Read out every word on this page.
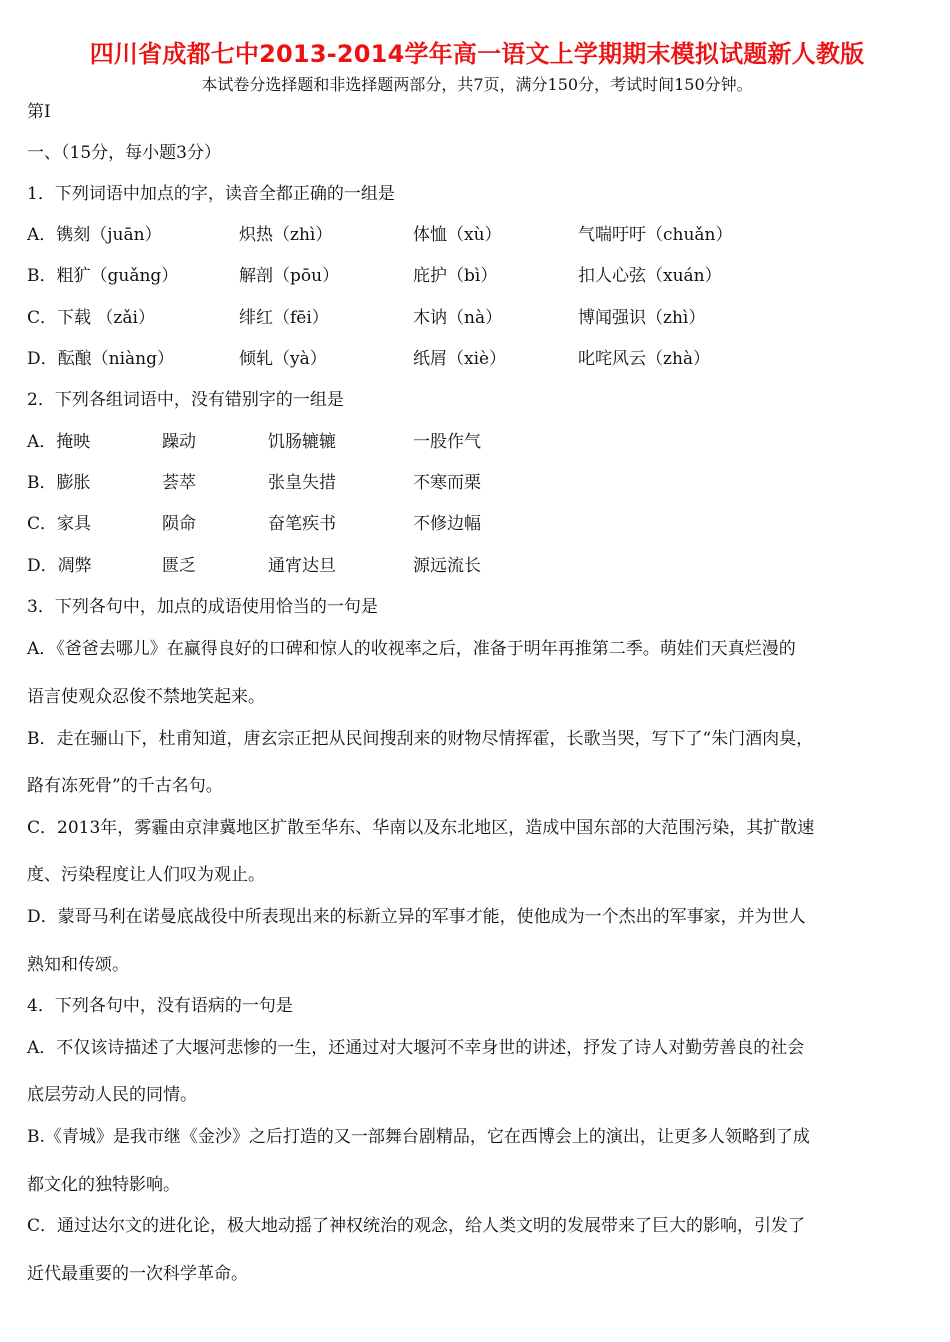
四川省成都七中2013-2014学年高一语文上学期期末模拟试题新人教版
本试卷分选择题和非选择题两部分，共7页，满分150分，考试时间150分钟。
第Ⅰ
一、（15分，每小题3分）
1．下列词语中加点的字，读音全都正确的一组是
A．镌刻（juān）	炽热（zhì）	体恤（xù）	气喘吁吁（chuǎn）
B．粗犷（guǎng）	解剖（pōu）	庇护（bì）	扣人心弦（xuán）
C．下载 （zǎi）	绯红（fēi）	木讷（nà）	博闻强识（zhì）
D．酝酿（niàng）	倾轧（yà）	纸屑（xiè）	叱咤风云（zhà）
2．下列各组词语中，没有错别字的一组是
A．掩映	躁动	饥肠辘辘	一股作气
B．膨胀	荟萃	张皇失措	不寒而栗
C．家具	陨命	奋笔疾书	不修边幅
D．凋弊	匮乏	通宵达旦	源远流长
3．下列各句中，加点的成语使用恰当的一句是
A．《爸爸去哪儿》在赢得良好的口碑和惊人的收视率之后，准备于明年再推第二季。萌娃们天真烂漫的
语言使观众忍俊不禁地笑起来。
B．走在骊山下，杜甫知道，唐玄宗正把从民间搜刮来的财物尽情挥霍，长歌当哭，写下了“朱门酒肉臭，
路有冻死骨”的千古名句。
C．2013年，雾霾由京津冀地区扩散至华东、华南以及东北地区，造成中国东部的大范围污染，其扩散速
度、污染程度让人们叹为观止。
D．蒙哥马利在诺曼底战役中所表现出来的标新立异的军事才能，使他成为一个杰出的军事家，并为世人
熟知和传颂。
4．下列各句中，没有语病的一句是
A．不仅该诗描述了大堰河悲惨的一生，还通过对大堰河不幸身世的讲述，抒发了诗人对勤劳善良的社会
底层劳动人民的同情。
B.《青城》是我市继《金沙》之后打造的又一部舞台剧精品，它在西博会上的演出，让更多人领略到了成
都文化的独特影响。
C．通过达尔文的进化论，极大地动摇了神权统治的观念，给人类文明的发展带来了巨大的影响，引发了
近代最重要的一次科学革命。
